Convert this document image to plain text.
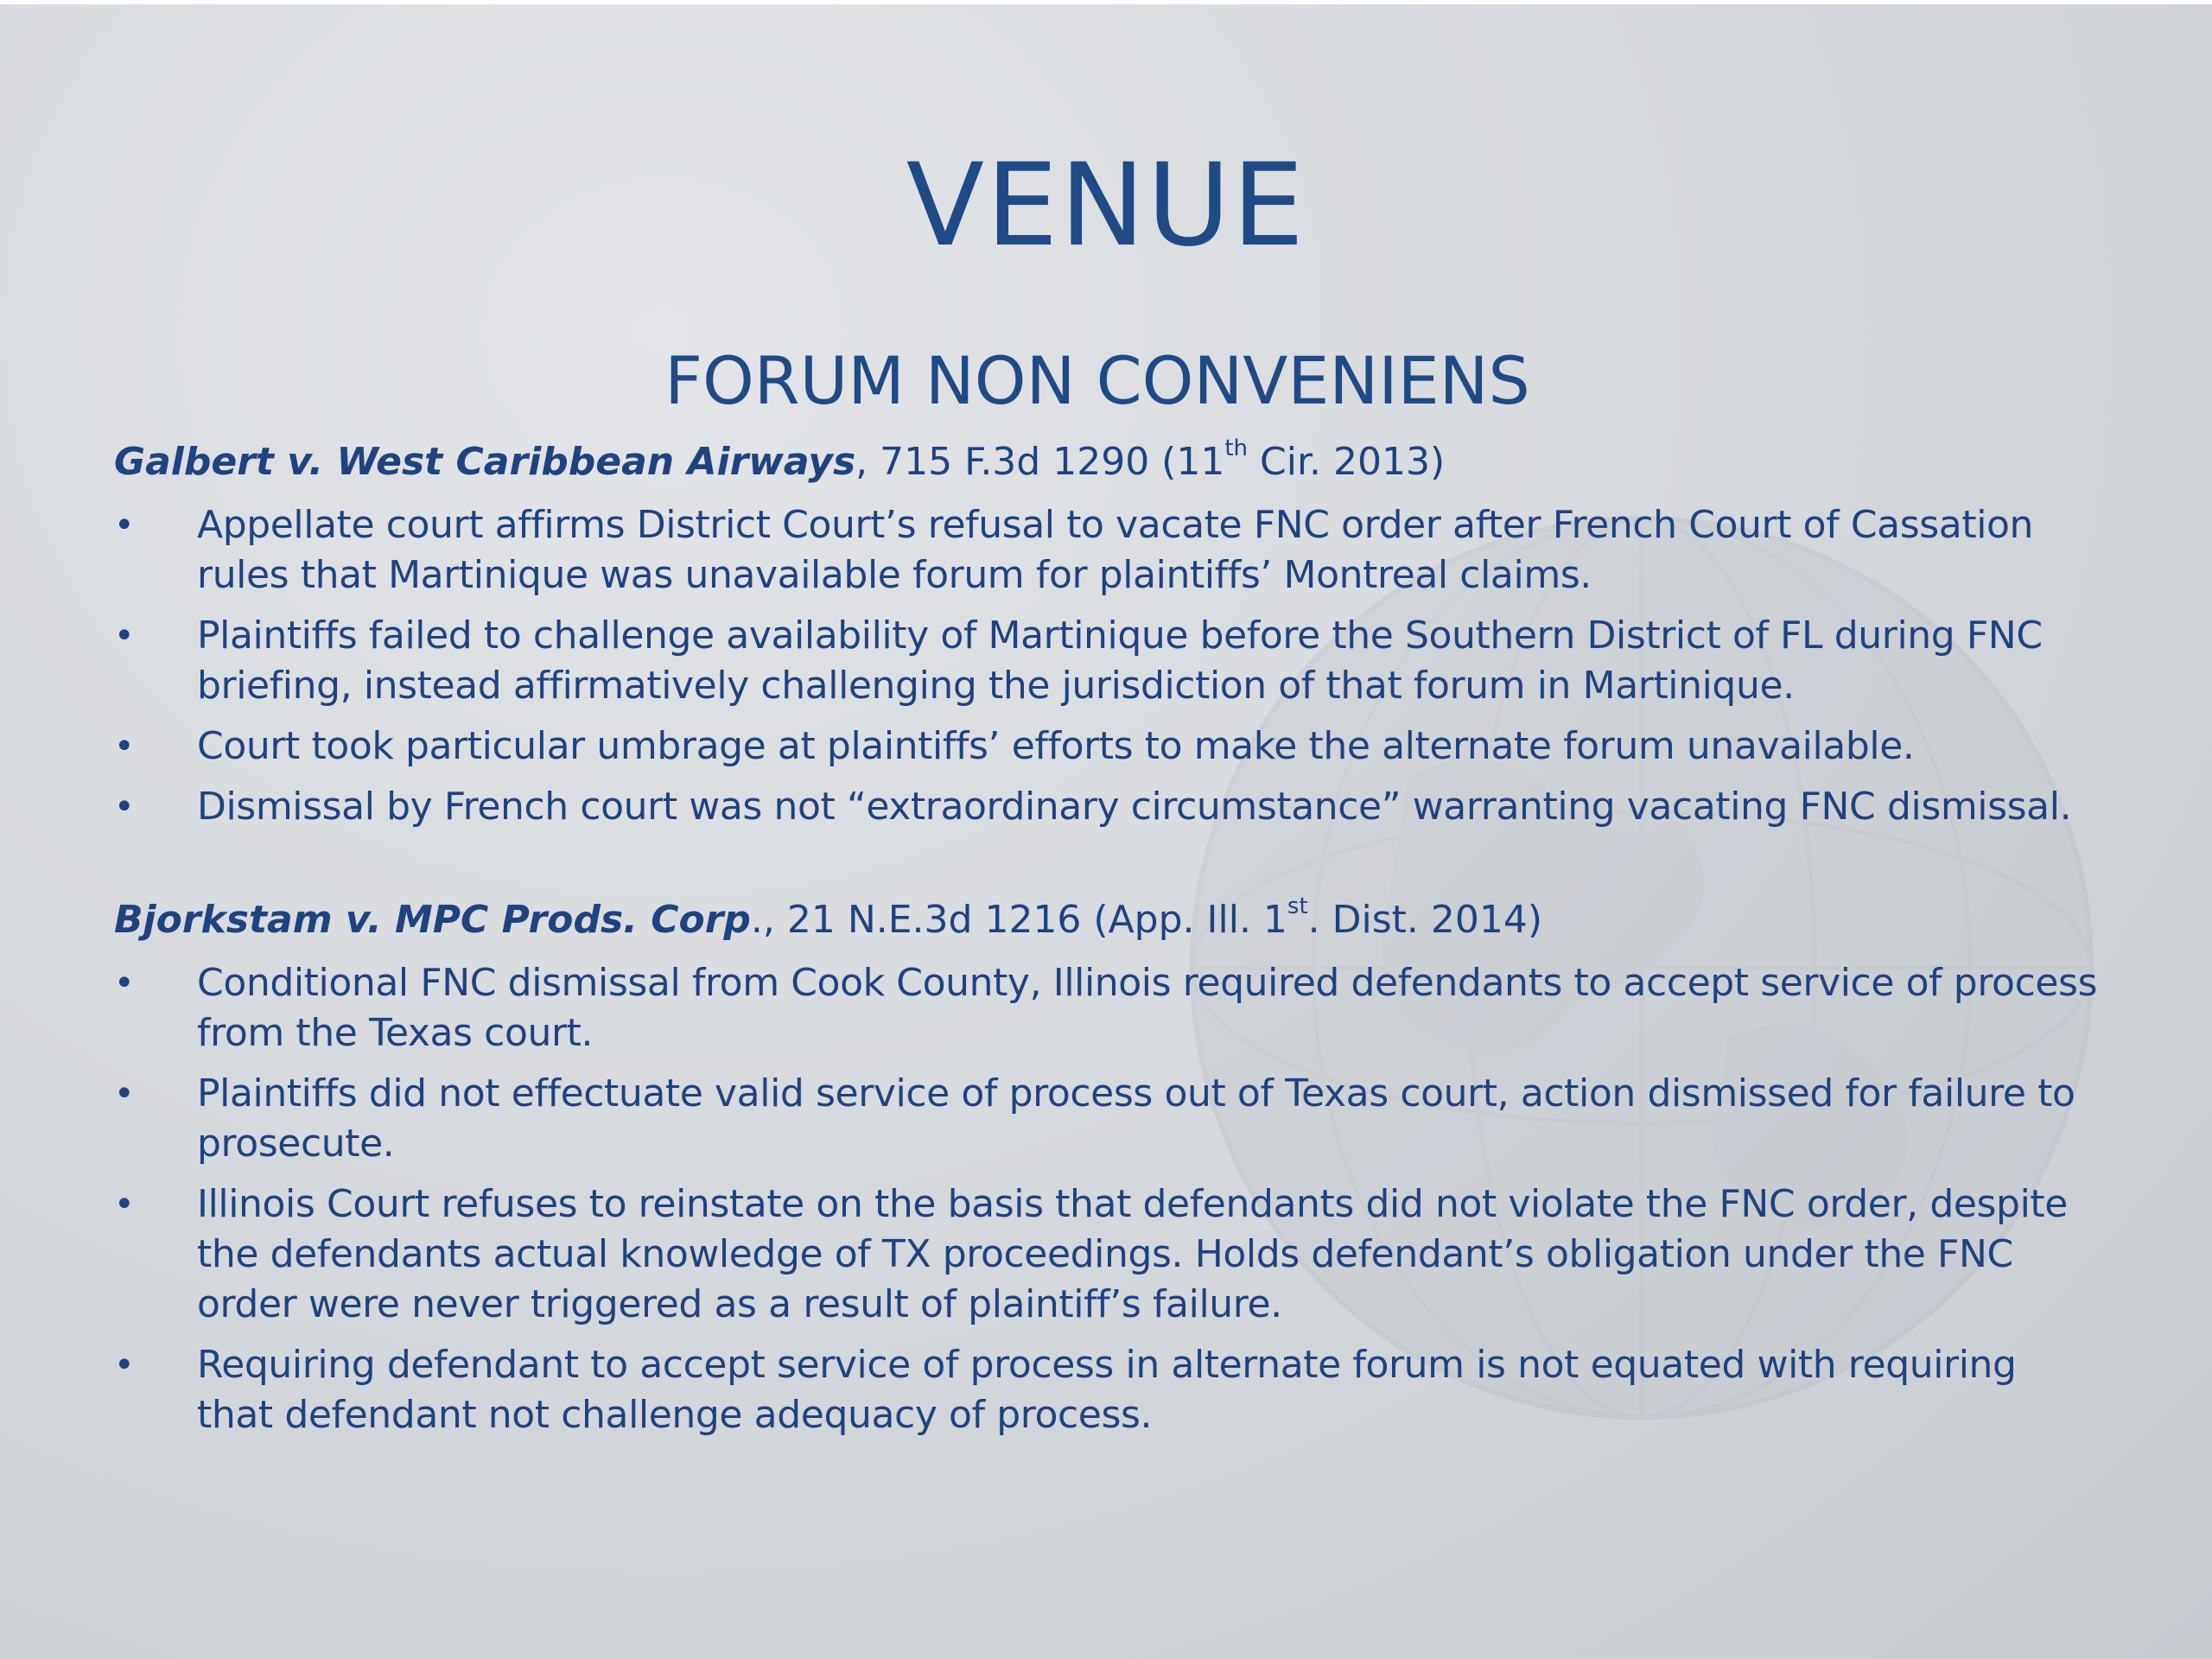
VENUE
FORUM NON CONVENIENS

Galbert v. West Caribbean Airways, 715 F.3d 1290 (11th Cir. 2013)

• Appellate court affirms District Court’s refusal to vacate FNC order after French Court of Cassation rules that Martinique was unavailable forum for plaintiffs’ Montreal claims.
• Plaintiffs failed to challenge availability of Martinique before the Southern District of FL during FNC briefing, instead affirmatively challenging the jurisdiction of that forum in Martinique.
• Court took particular umbrage at plaintiffs’ efforts to make the alternate forum unavailable.
• Dismissal by French court was not “extraordinary circumstance” warranting vacating FNC dismissal.

Bjorkstam v. MPC Prods. Corp., 21 N.E.3d 1216 (App. Ill. 1st. Dist. 2014)

• Conditional FNC dismissal from Cook County, Illinois required defendants to accept service of process from the Texas court.
• Plaintiffs did not effectuate valid service of process out of Texas court, action dismissed for failure to prosecute.
• Illinois Court refuses to reinstate on the basis that defendants did not violate the FNC order, despite the defendants actual knowledge of TX proceedings. Holds defendant’s obligation under the FNC order were never triggered as a result of plaintiff’s failure.
• Requiring defendant to accept service of process in alternate forum is not equated with requiring that defendant not challenge adequacy of process.
